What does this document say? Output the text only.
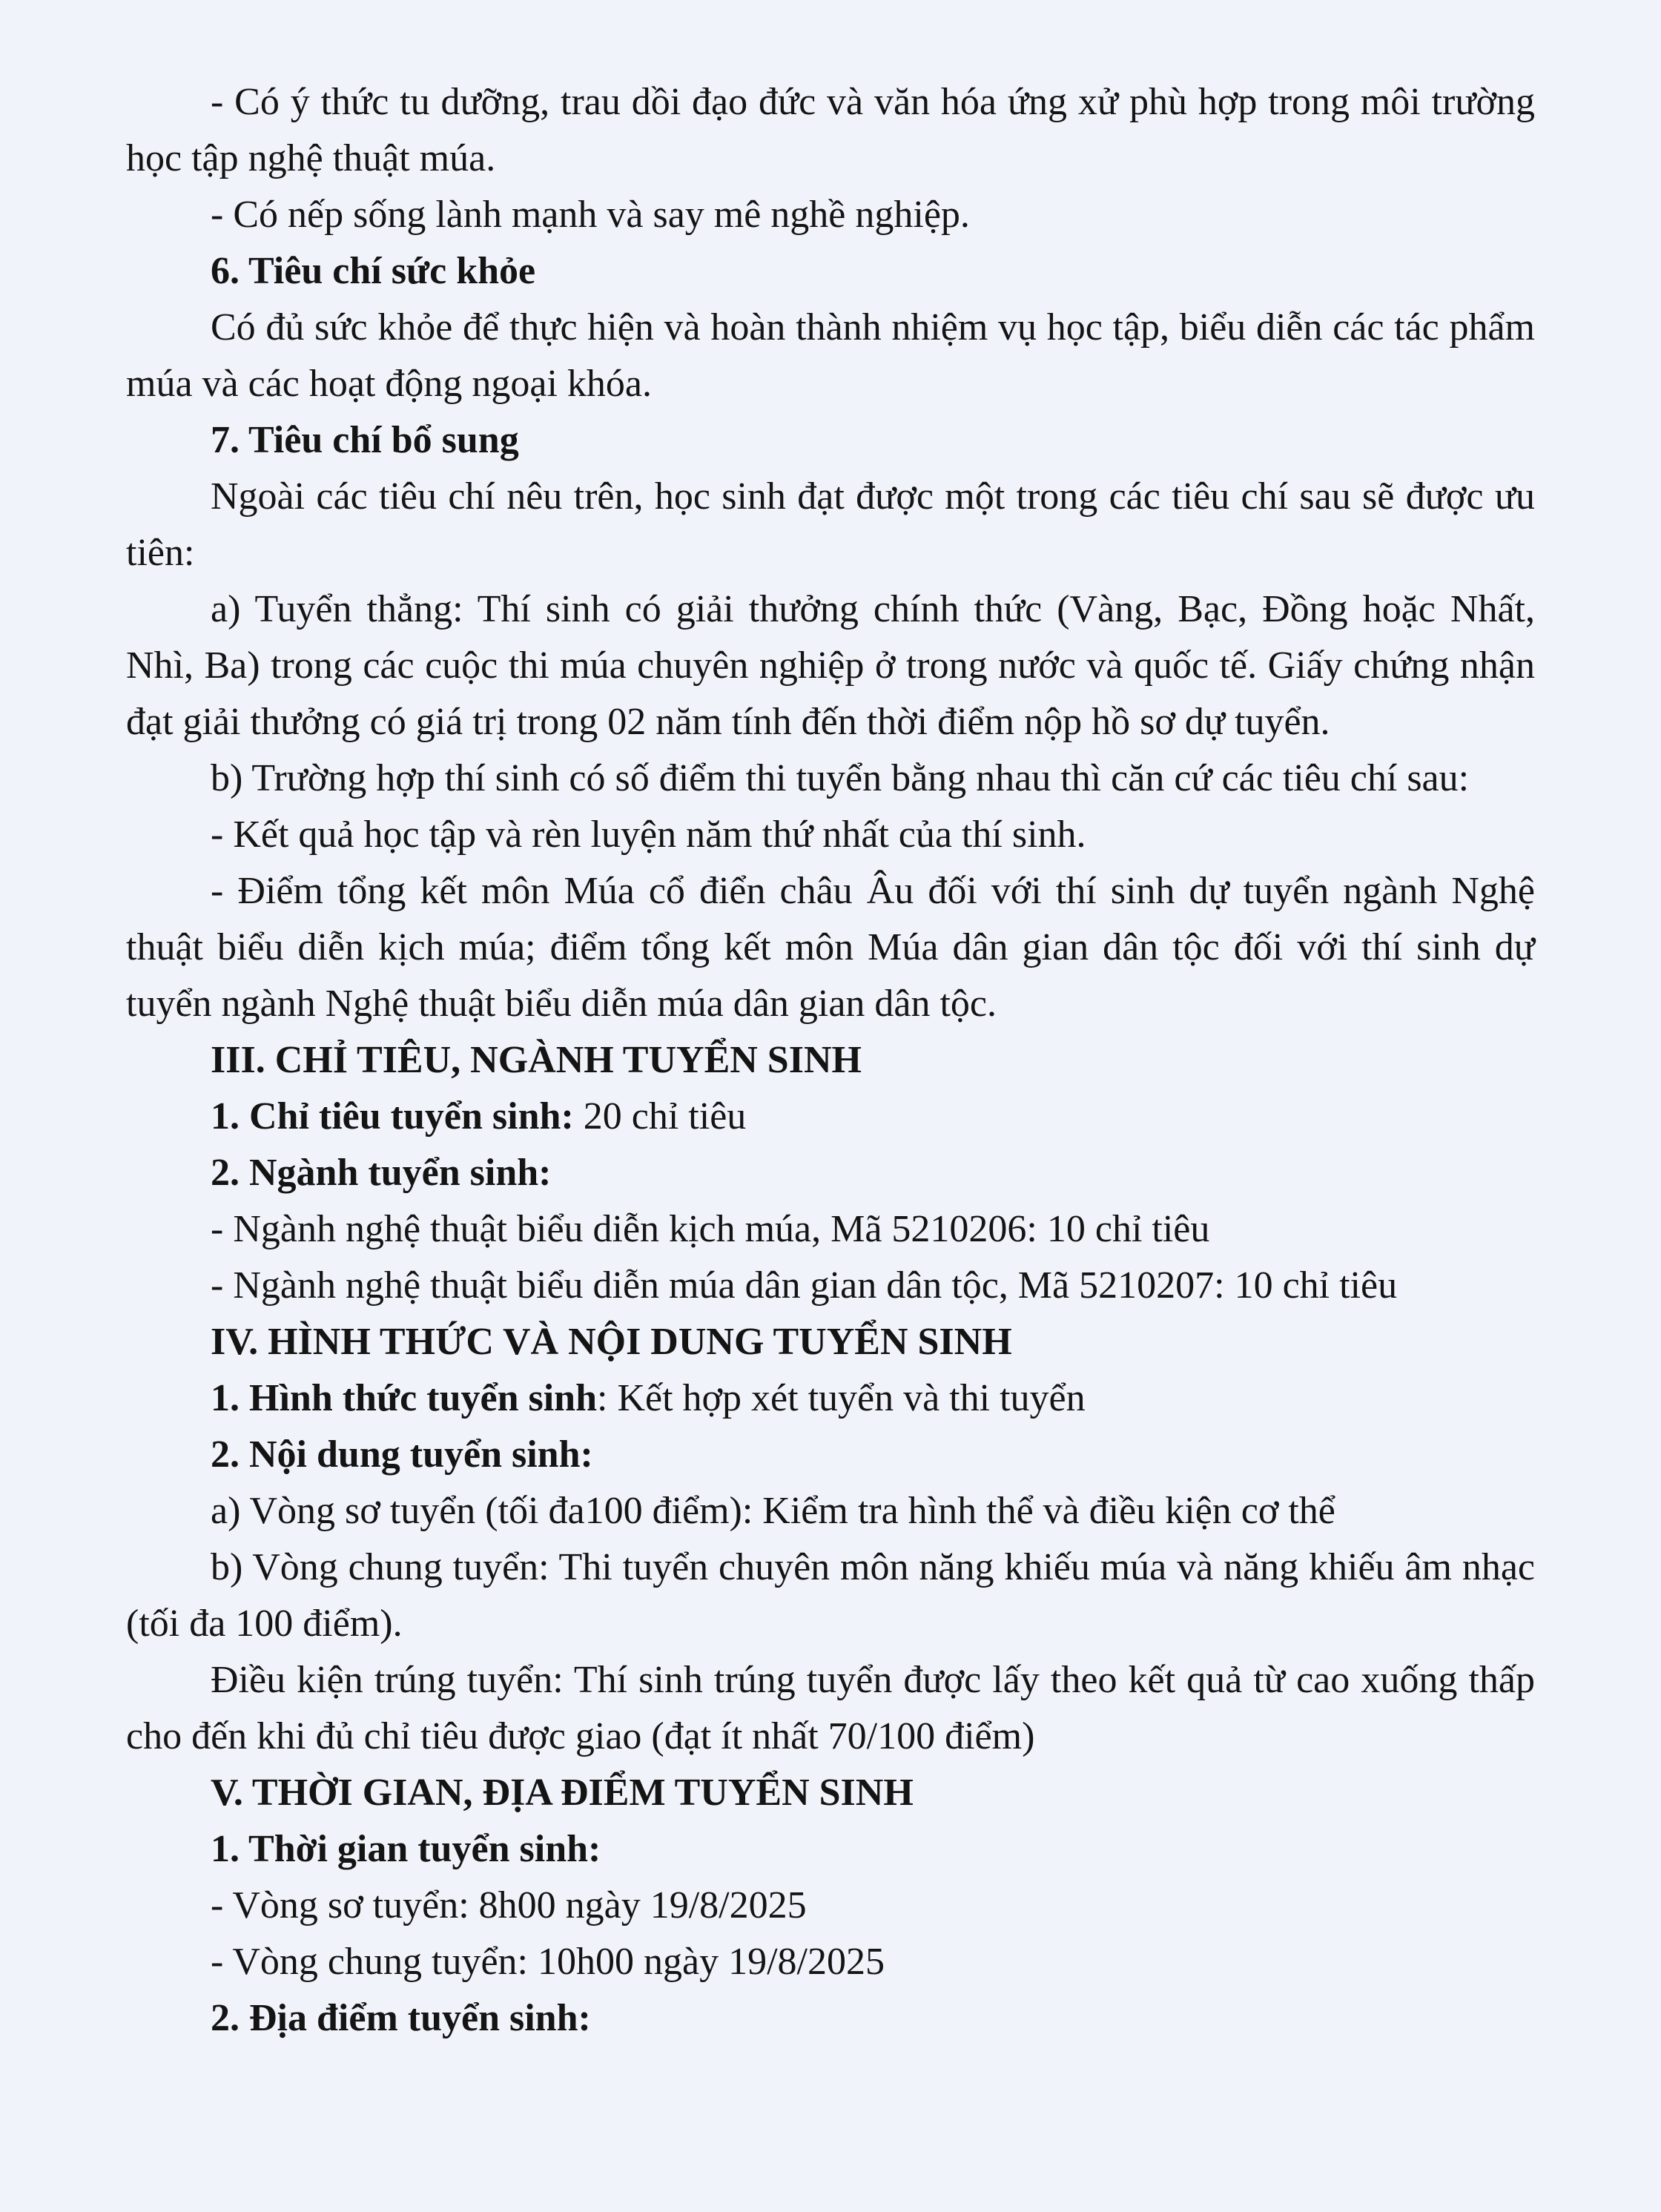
- Có ý thức tu dưỡng, trau dồi đạo đức và văn hóa ứng xử phù hợp trong môi trường học tập nghệ thuật múa.

- Có nếp sống lành mạnh và say mê nghề nghiệp.

6. Tiêu chí sức khỏe

Có đủ sức khỏe để thực hiện và hoàn thành nhiệm vụ học tập, biểu diễn các tác phẩm múa và các hoạt động ngoại khóa.

7. Tiêu chí bổ sung

Ngoài các tiêu chí nêu trên, học sinh đạt được một trong các tiêu chí sau sẽ được ưu tiên:

a) Tuyển thẳng: Thí sinh có giải thưởng chính thức (Vàng, Bạc, Đồng hoặc Nhất, Nhì, Ba) trong các cuộc thi múa chuyên nghiệp ở trong nước và quốc tế. Giấy chứng nhận đạt giải thưởng có giá trị trong 02 năm tính đến thời điểm nộp hồ sơ dự tuyển.

b) Trường hợp thí sinh có số điểm thi tuyển bằng nhau thì căn cứ các tiêu chí sau:

- Kết quả học tập và rèn luyện năm thứ nhất của thí sinh.

- Điểm tổng kết môn Múa cổ điển châu Âu đối với thí sinh dự tuyển ngành Nghệ thuật biểu diễn kịch múa; điểm tổng kết môn Múa dân gian dân tộc đối với thí sinh dự tuyển ngành Nghệ thuật biểu diễn múa dân gian dân tộc.

III. CHỈ TIÊU, NGÀNH TUYỂN SINH

1. Chỉ tiêu tuyển sinh: 20 chỉ tiêu

2. Ngành tuyển sinh:

- Ngành nghệ thuật biểu diễn kịch múa, Mã 5210206: 10 chỉ tiêu

- Ngành nghệ thuật biểu diễn múa dân gian dân tộc, Mã 5210207: 10 chỉ tiêu

IV. HÌNH THỨC VÀ NỘI DUNG TUYỂN SINH

1. Hình thức tuyển sinh: Kết hợp xét tuyển và thi tuyển

2. Nội dung tuyển sinh:

a) Vòng sơ tuyển (tối đa100 điểm): Kiểm tra hình thể và điều kiện cơ thể

b) Vòng chung tuyển: Thi tuyển chuyên môn năng khiếu múa và năng khiếu âm nhạc (tối đa 100 điểm).

Điều kiện trúng tuyển: Thí sinh trúng tuyển được lấy theo kết quả từ cao xuống thấp cho đến khi đủ chỉ tiêu được giao (đạt ít nhất 70/100 điểm)

V. THỜI GIAN, ĐỊA ĐIỂM TUYỂN SINH

1. Thời gian tuyển sinh:

- Vòng sơ tuyển: 8h00 ngày 19/8/2025

- Vòng chung tuyển: 10h00 ngày 19/8/2025

2. Địa điểm tuyển sinh:
